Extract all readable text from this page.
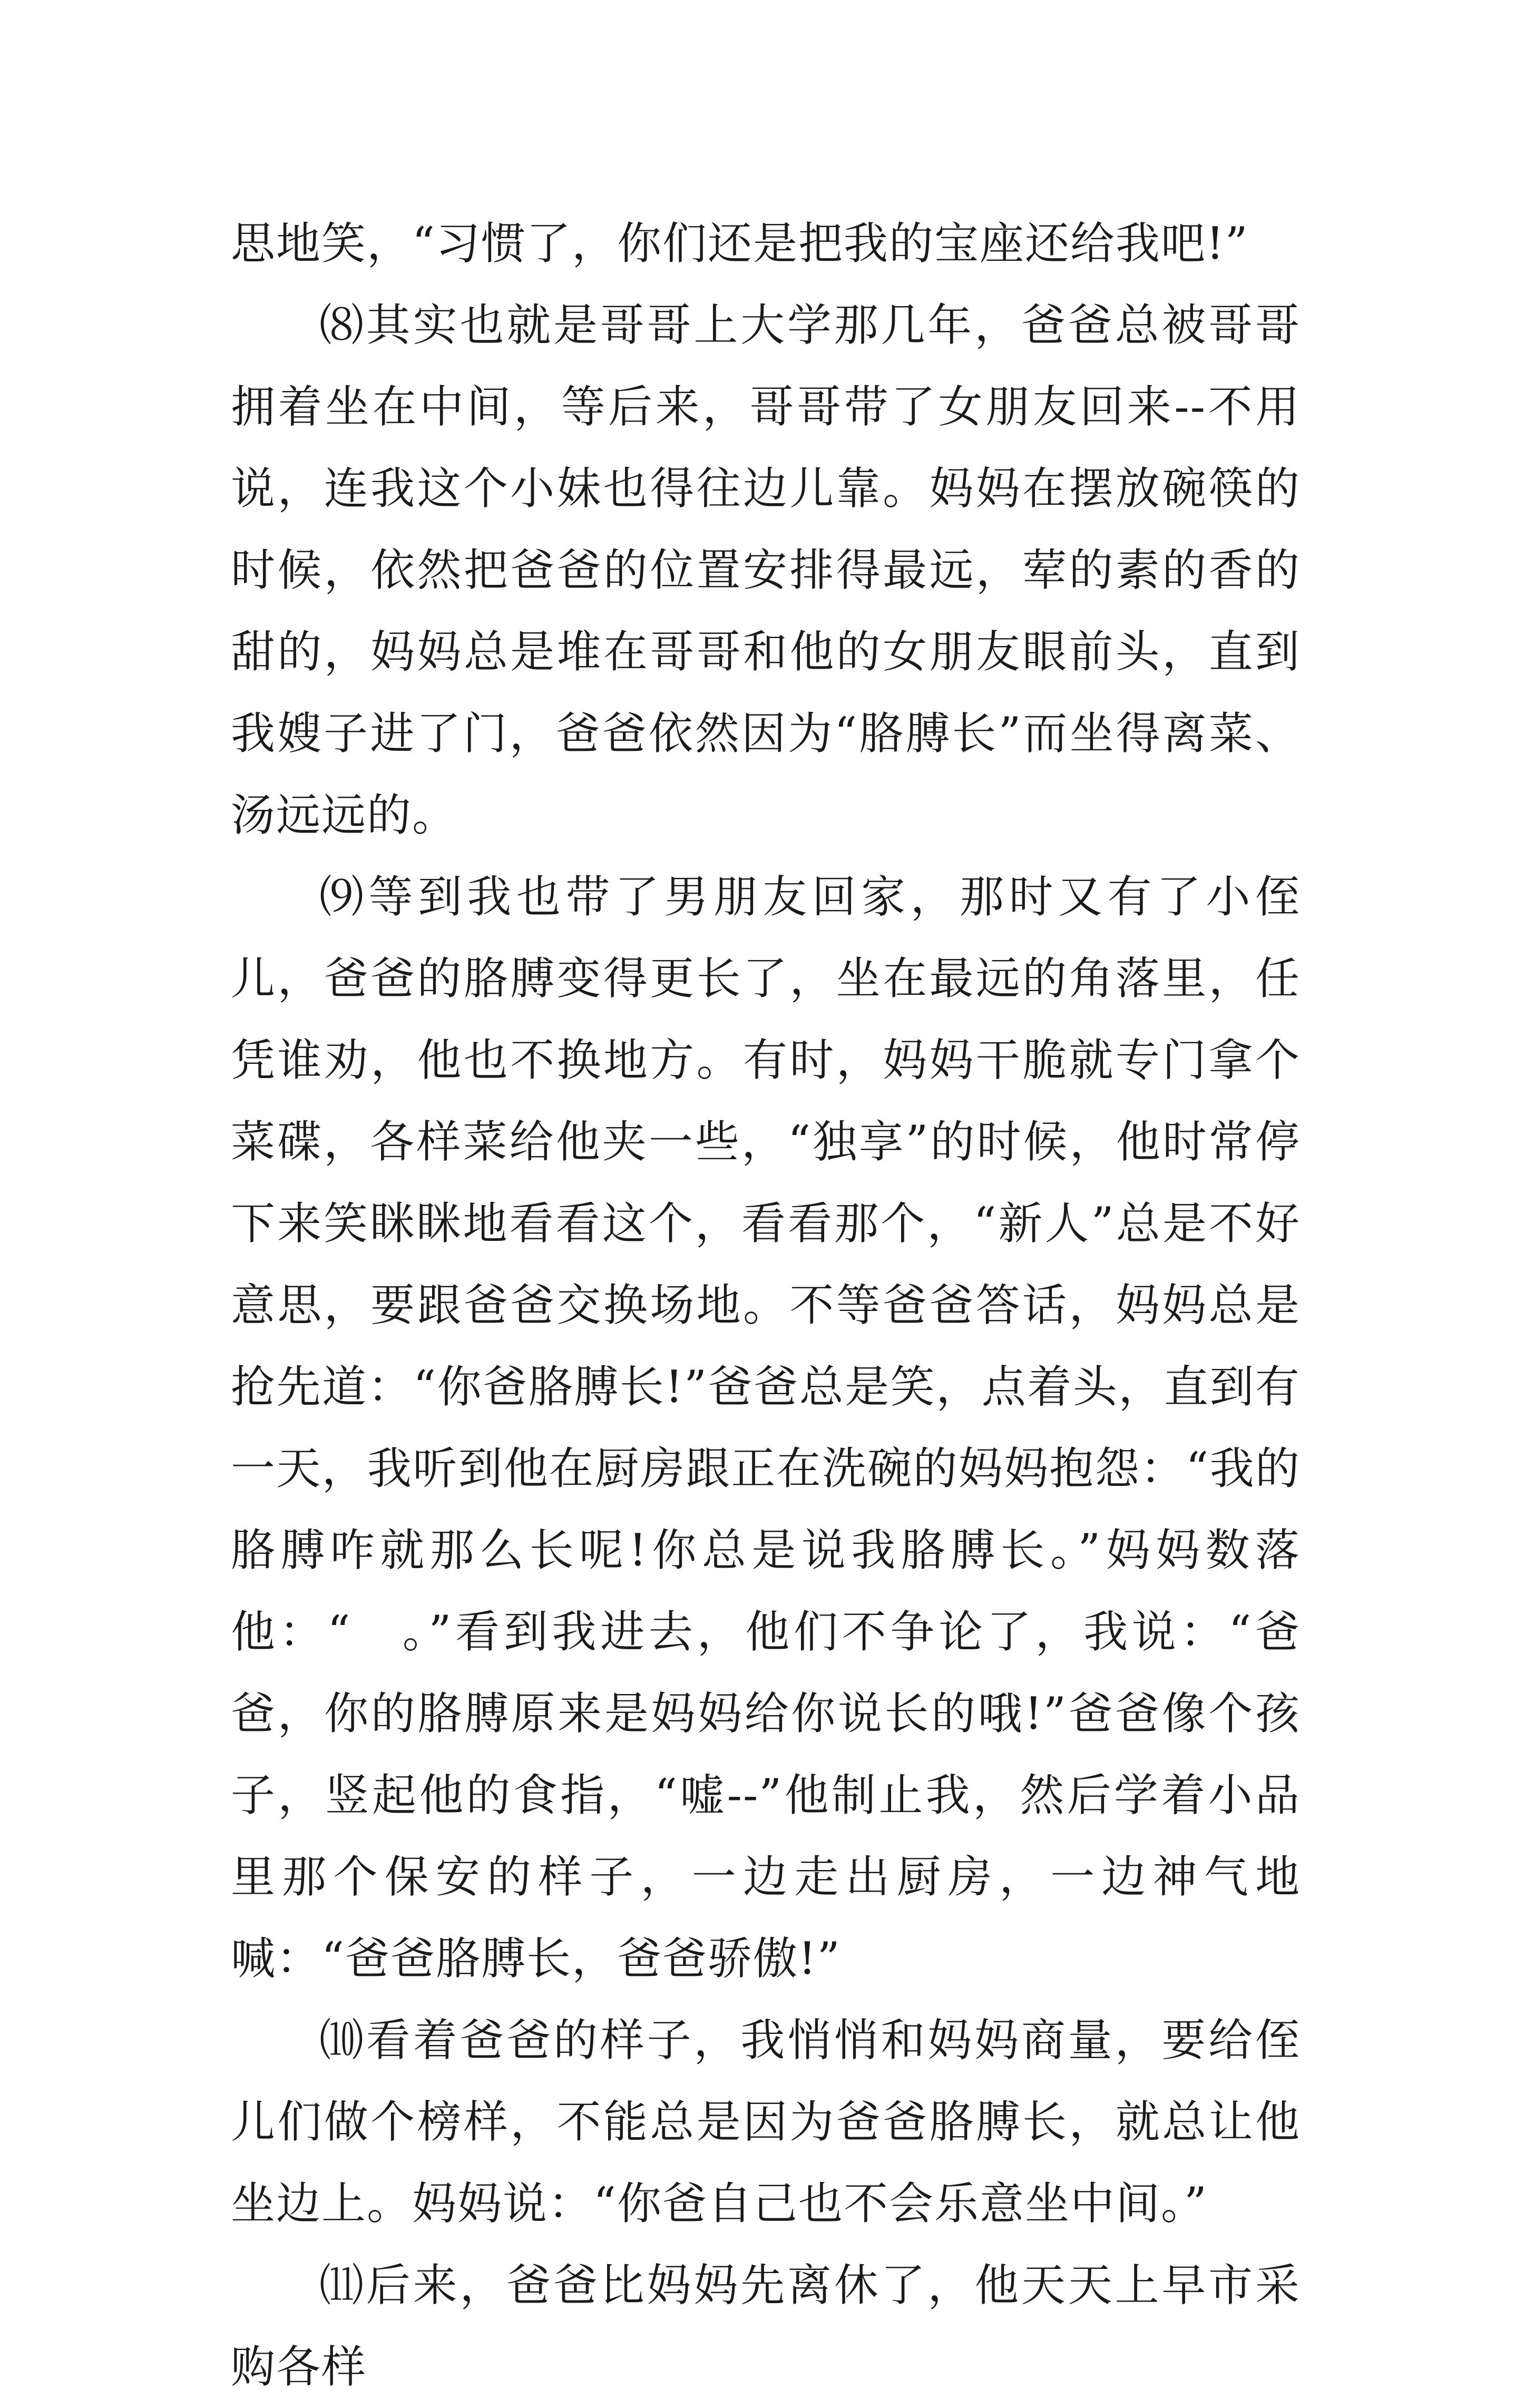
思地笑，“习惯了，你们还是把我的宝座还给我吧!”

⑻其实也就是哥哥上大学那几年，爸爸总被哥哥拥着坐在中间，等后来，哥哥带了女朋友回来--不用说，连我这个小妹也得往边儿靠。妈妈在摆放碗筷的时候，依然把爸爸的位置安排得最远，荤的素的香的甜的，妈妈总是堆在哥哥和他的女朋友眼前头，直到我嫂子进了门，爸爸依然因为“胳膊长”而坐得离菜、汤远远的。

⑼等到我也带了男朋友回家，那时又有了小侄儿，爸爸的胳膊变得更长了，坐在最远的角落里，任凭谁劝，他也不换地方。有时，妈妈干脆就专门拿个菜碟，各样菜给他夹一些，“独享”的时候，他时常停下来笑眯眯地看看这个，看看那个，“新人”总是不好意思，要跟爸爸交换场地。不等爸爸答话，妈妈总是抢先道：“你爸胳膊长!”爸爸总是笑，点着头，直到有一天，我听到他在厨房跟正在洗碗的妈妈抱怨：“我的胳膊咋就那么长呢!你总是说我胳膊长。”妈妈数落他：“　。”看到我进去，他们不争论了，我说：“爸爸，你的胳膊原来是妈妈给你说长的哦!”爸爸像个孩子，竖起他的食指，“嘘--”他制止我，然后学着小品里那个保安的样子，一边走出厨房，一边神气地喊：“爸爸胳膊长，爸爸骄傲!”

⑽看着爸爸的样子，我悄悄和妈妈商量，要给侄儿们做个榜样，不能总是因为爸爸胳膊长，就总让他坐边上。妈妈说：“你爸自己也不会乐意坐中间。”

⑾后来，爸爸比妈妈先离休了，他天天上早市采购各样
